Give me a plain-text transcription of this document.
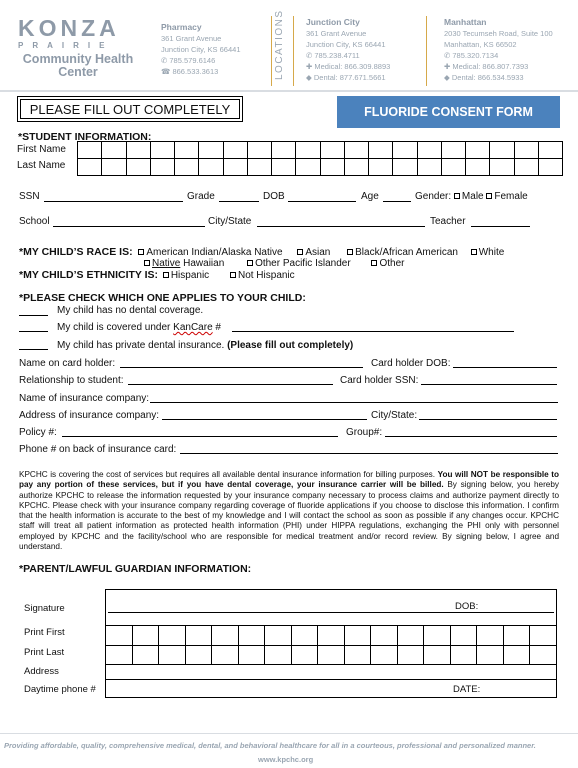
KONZA
PRAIRIE
Community Health
Center
Pharmacy
361 Grant Avenue
Junction City, KS 66441
✆ 785.579.6146
☎ 866.533.3613	LOCATIONS Junction City
361 Grant Avenue
Junction City, KS 66441
✆ 785.238.4711
✚ Medical: 866.309.8893
◆ Dental: 877.671.5661
Manhattan
2030 Tecumseh Road, Suite 100
Manhattan, KS 66502
✆ 785.320.7134
✚ Medical: 866.807.7393
◆ Dental: 866.534.5933
PLEASE FILL OUT COMPLETELY	FLUORIDE CONSENT FORM
*STUDENT INFORMATION:
First Name
Last Name
SSN	Grade	DOB	Age	Gender: Male Female
School	City/State	Teacher
*MY CHILD’S RACE IS: American Indian/Alaska Native Asian Black/African American White
Native Hawaiian	Other Pacific Islander	Other
*MY CHILD’S ETHNICITY IS: Hispanic	Not Hispanic
*PLEASE CHECK WHICH ONE APPLIES TO YOUR CHILD:
My child has no dental coverage.
My child is covered under KanCare #
My child has private dental insurance. (Please fill out completely)
Name on card holder:	Card holder DOB:
Relationship to student:	Card holder SSN:
Name of insurance company:
Address of insurance company:	City/State:
Policy #:	Group#:
Phone # on back of insurance card:
KPCHC is covering the cost of services but requires all available dental insurance information for billing purposes. You will NOT be responsible to pay any portion of these services, but if you have dental coverage, your insurance carrier will be billed. By signing below, you hereby authorize KPCHC to release the information requested by your insurance company necessary to process claims and authorize payment directly to KPCHC. Please check with your insurance company regarding coverage of fluoride applications if you choose to disclose this information. I confirm that the health information is accurate to the best of my knowledge and I will contact the school as soon as possible if any changes occur. KPCHC staff will treat all patient information as protected health information (PHI) under HIPPA regulations, exchanging the PHI only with personnel employed by KPCHC and the facility/school who are responsible for medical treatment and/or record review. By signing below, I agree and understand.
*PARENT/LAWFUL GUARDIAN INFORMATION:
Signature	DOB:
Print First
Print Last
Address
Daytime phone #	DATE:
Providing affordable, quality, comprehensive medical, dental, and behavioral healthcare for all in a courteous, professional and personalized manner.
www.kpchc.org
